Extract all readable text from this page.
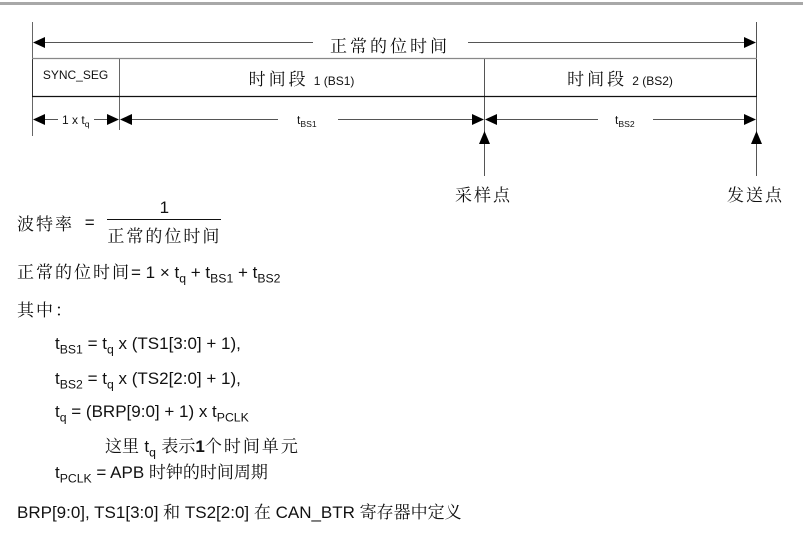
正常的位时间
SYNC_SEG	时间段 1 (BS1)	时间段 2 (BS2)
1 x $t_q$	$t_{BS1}$	$t_{BS2}$
采样点	发送点
波特率 = $\frac{1}{\text{正常的位时间}}$
正常的位时间= $1 \times t_q + t_{BS1} + t_{BS2}$
其中：
$t_{BS1} = t_q$ x (TS1[3:0] + 1),
$t_{BS2} = t_q$ x (TS2[2:0] + 1),
$t_q$ = (BRP[9:0] + 1) x $t_{PCLK}$
这里 $t_q$ 表示1个时间单元
$t_{PCLK}$ = APB 时钟的时间周期
BRP[9:0], TS1[3:0] 和 TS2[2:0] 在 CAN_BTR 寄存器中定义
